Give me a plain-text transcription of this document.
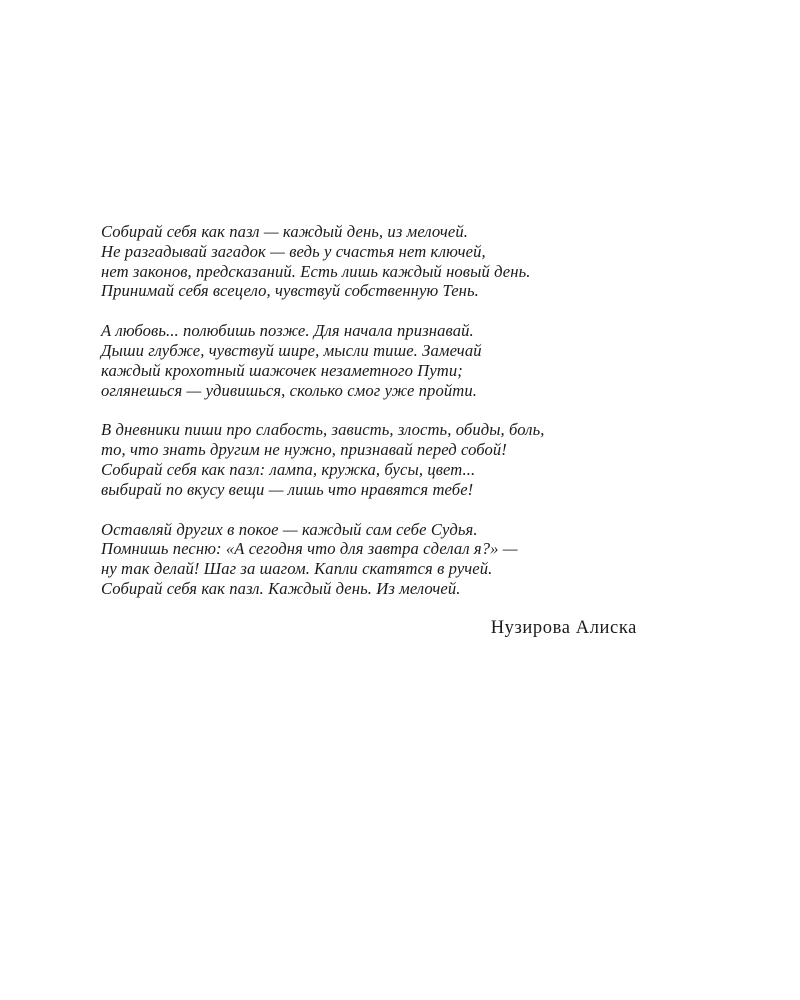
Собирай себя как пазл — каждый день, из мелочей.
Не разгадывай загадок — ведь у счастья нет ключей,
нет законов, предсказаний. Есть лишь каждый новый день.
Принимай себя всецело, чувствуй собственную Тень.
А любовь... полюбишь позже. Для начала признавай.
Дыши глубже, чувствуй шире, мысли тише. Замечай
каждый крохотный шажочек незаметного Пути;
оглянешься — удивишься, сколько смог уже пройти.
В дневники пиши про слабость, зависть, злость, обиды, боль,
то, что знать другим не нужно, признавай перед собой!
Собирай себя как пазл: лампа, кружка, бусы, цвет...
выбирай по вкусу вещи — лишь что нравятся тебе!
Оставляй других в покое — каждый сам себе Судья.
Помнишь песню: «А сегодня что для завтра сделал я?» —
ну так делай! Шаг за шагом. Капли скатятся в ручей.
Собирай себя как пазл. Каждый день. Из мелочей.
Нузирова Алиска
